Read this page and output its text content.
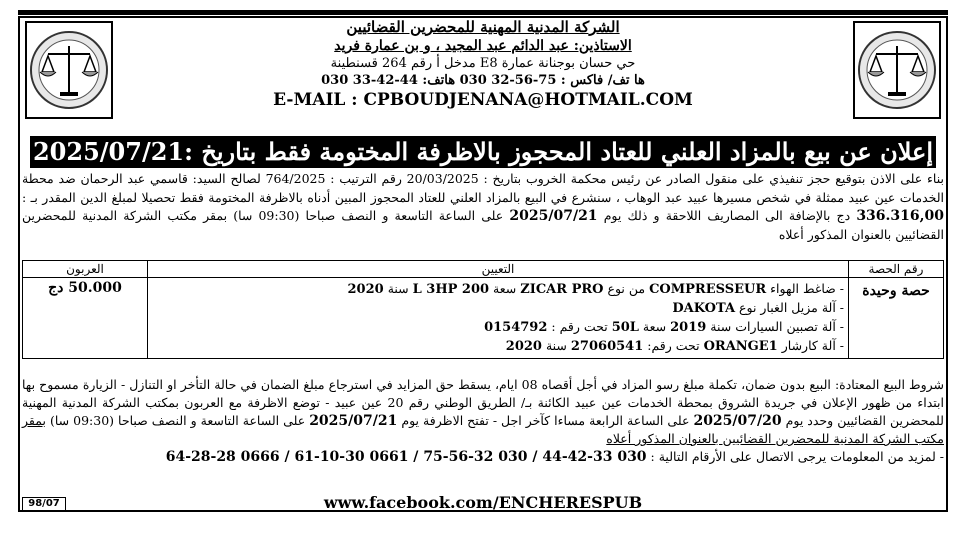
الشركة المدنية المهنية للمحضرين القضائيين
الاستاذين: عبد الدائم عبد المجيد ، و بن عمارة فريد
حي حسان بوجنانة عمارة E8 مدخل أ رقم 264 قسنطينة
ها تف/ فاكس : 75-56-32 030 هاتف: 44-42-33 030
E-MAIL : CPBOUDJENANA@HOTMAIL.COM
إعلان عن بيع بالمزاد العلني للعتاد المحجوز بالاظرفة المختومة فقط بتاريخ :2025/07/21
بناء على الاذن بتوقيع حجز تنفيذي على منقول الصادر عن رئيس محكمة الخروب بتاريخ : 20/03/2025 رقم الترتيب : 764/2025 لصالح السيد: قاسمي عبد الرحمان ضد محطة الخدمات عين عبيد ممثلة في شخص مسيرها عبيد عبد الوهاب ، سنشرع في البيع بالمزاد العلني للعتاد المحجوز المبين أدناه بالاظرفة المختومة فقط تحصيلا لمبلغ الدين المقدر بـ : 336.316,00 دج بالإضافة الى المصاريف اللاحقة و ذلك يوم 2025/07/21 على الساعة التاسعة و النصف صباحا (09:30 سا) بمقر مكتب الشركة المدنية للمحضرين القضائيين بالعنوان المذكور أعلاه
رقم الحصة	التعيين	العربون
حصة وحيدة	- ضاغط الهواء COMPRESSEUR من نوع ZICAR PRO سعة L 3HP 200 سنة 2020
- آلة مزيل الغبار نوع DAKOTA
- آلة تصبين السيارات سنة 2019 سعة 50L تحت رقم : 0154792
- آلة كارشار ORANGE1 تحت رقم: 27060541 سنة 2020	50.000 دج
شروط البيع المعتادة: البيع بدون ضمان، تكملة مبلغ رسو المزاد في أجل أقصاه 08 ايام، يسقط حق المزايد في استرجاع مبلغ الضمان في حالة التأخر او التنازل - الزيارة مسموح بها ابتداء من ظهور الإعلان في جريدة الشروق بمحطة الخدمات عين عبيد الكائنة بـ/ الطريق الوطني رقم 20 عين عبيد - توضع الاظرفة مع العربون بمكتب الشركة المدنية المهنية للمحضرين القضائيين وحدد يوم 2025/07/20 على الساعة الرابعة مساءا كآخر اجل - تفتح الاظرفة يوم 2025/07/21 على الساعة التاسعة و النصف صباحا (09:30 سا) بمقر مكتب الشركة المدنية للمحضرين القضائيين بالعنوان المذكور أعلاه
- لمزيد من المعلومات يرجى الاتصال على الأرقام التالية : 030 33-42-44 / 030 32-56-75 / 0661 30-10-61 / 0666 28-28-64
98/07	www.facebook.com/ENCHERESPUB
